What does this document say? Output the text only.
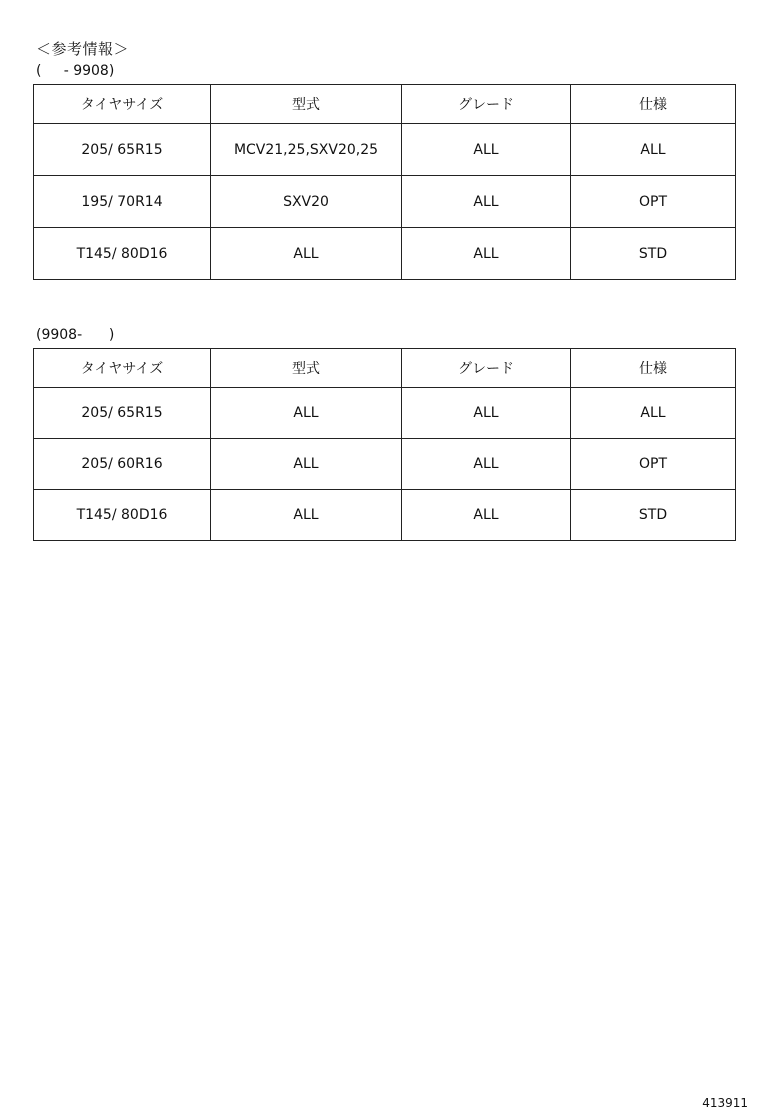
＜参考情報＞
(     - 9908)
タイヤサイズ	型式	グレード	仕様
205/ 65R15	MCV21,25,SXV20,25	ALL	ALL
195/ 70R14	SXV20	ALL	OPT
T145/ 80D16	ALL	ALL	STD
(9908-      )
タイヤサイズ	型式	グレード	仕様
205/ 65R15	ALL	ALL	ALL
205/ 60R16	ALL	ALL	OPT
T145/ 80D16	ALL	ALL	STD
413911
